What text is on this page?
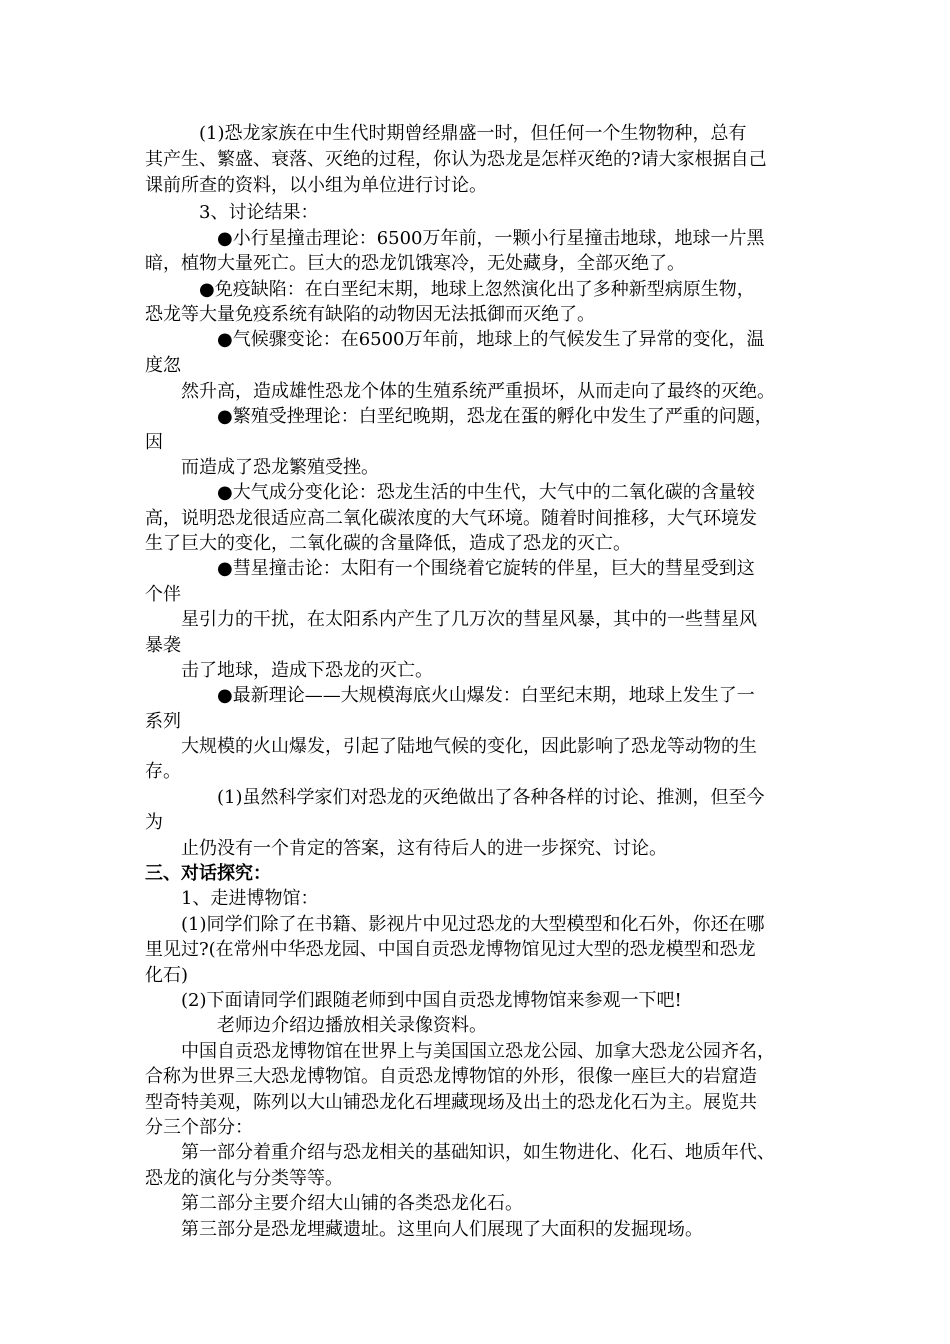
　　　(1)恐龙家族在中生代时期曾经鼎盛一时，但任何一个生物物种，总有
其产生、繁盛、衰落、灭绝的过程，你认为恐龙是怎样灭绝的?请大家根据自己
课前所查的资料，以小组为单位进行讨论。
　　　3、讨论结果：
　　　　●小行星撞击理论：6500万年前，一颗小行星撞击地球，地球一片黑
暗，植物大量死亡。巨大的恐龙饥饿寒冷，无处藏身，全部灭绝了。
　　　●免疫缺陷：在白垩纪末期，地球上忽然演化出了多种新型病原生物，
恐龙等大量免疫系统有缺陷的动物因无法抵御而灭绝了。
　　　　●气候骤变论：在6500万年前，地球上的气候发生了异常的变化，温
度忽
　　然升高，造成雄性恐龙个体的生殖系统严重损坏，从而走向了最终的灭绝。
　　　　●繁殖受挫理论：白垩纪晚期，恐龙在蛋的孵化中发生了严重的问题，
因
　　而造成了恐龙繁殖受挫。
　　　　●大气成分变化论：恐龙生活的中生代，大气中的二氧化碳的含量较
高，说明恐龙很适应高二氧化碳浓度的大气环境。随着时间推移，大气环境发
生了巨大的变化，二氧化碳的含量降低，造成了恐龙的灭亡。
　　　　●彗星撞击论：太阳有一个围绕着它旋转的伴星，巨大的彗星受到这
个伴
　　星引力的干扰，在太阳系内产生了几万次的彗星风暴，其中的一些彗星风
暴袭
　　击了地球，造成下恐龙的灭亡。
　　　　●最新理论——大规模海底火山爆发：白垩纪末期，地球上发生了一
系列
　　大规模的火山爆发，引起了陆地气候的变化，因此影响了恐龙等动物的生
存。
　　　　(1)虽然科学家们对恐龙的灭绝做出了各种各样的讨论、推测，但至今
为
　　止仍没有一个肯定的答案，这有待后人的进一步探究、讨论。
三、对话探究：
　　1、走进博物馆：
　　(1)同学们除了在书籍、影视片中见过恐龙的大型模型和化石外，你还在哪
里见过?(在常州中华恐龙园、中国自贡恐龙博物馆见过大型的恐龙模型和恐龙
化石)
　　(2)下面请同学们跟随老师到中国自贡恐龙博物馆来参观一下吧!
　　　　老师边介绍边播放相关录像资料。
　　中国自贡恐龙博物馆在世界上与美国国立恐龙公园、加拿大恐龙公园齐名，
合称为世界三大恐龙博物馆。自贡恐龙博物馆的外形，很像一座巨大的岩窟造
型奇特美观，陈列以大山铺恐龙化石埋藏现场及出土的恐龙化石为主。展览共
分三个部分：
　　第一部分着重介绍与恐龙相关的基础知识，如生物进化、化石、地质年代、
恐龙的演化与分类等等。
　　第二部分主要介绍大山铺的各类恐龙化石。
　　第三部分是恐龙埋藏遗址。这里向人们展现了大面积的发掘现场。
